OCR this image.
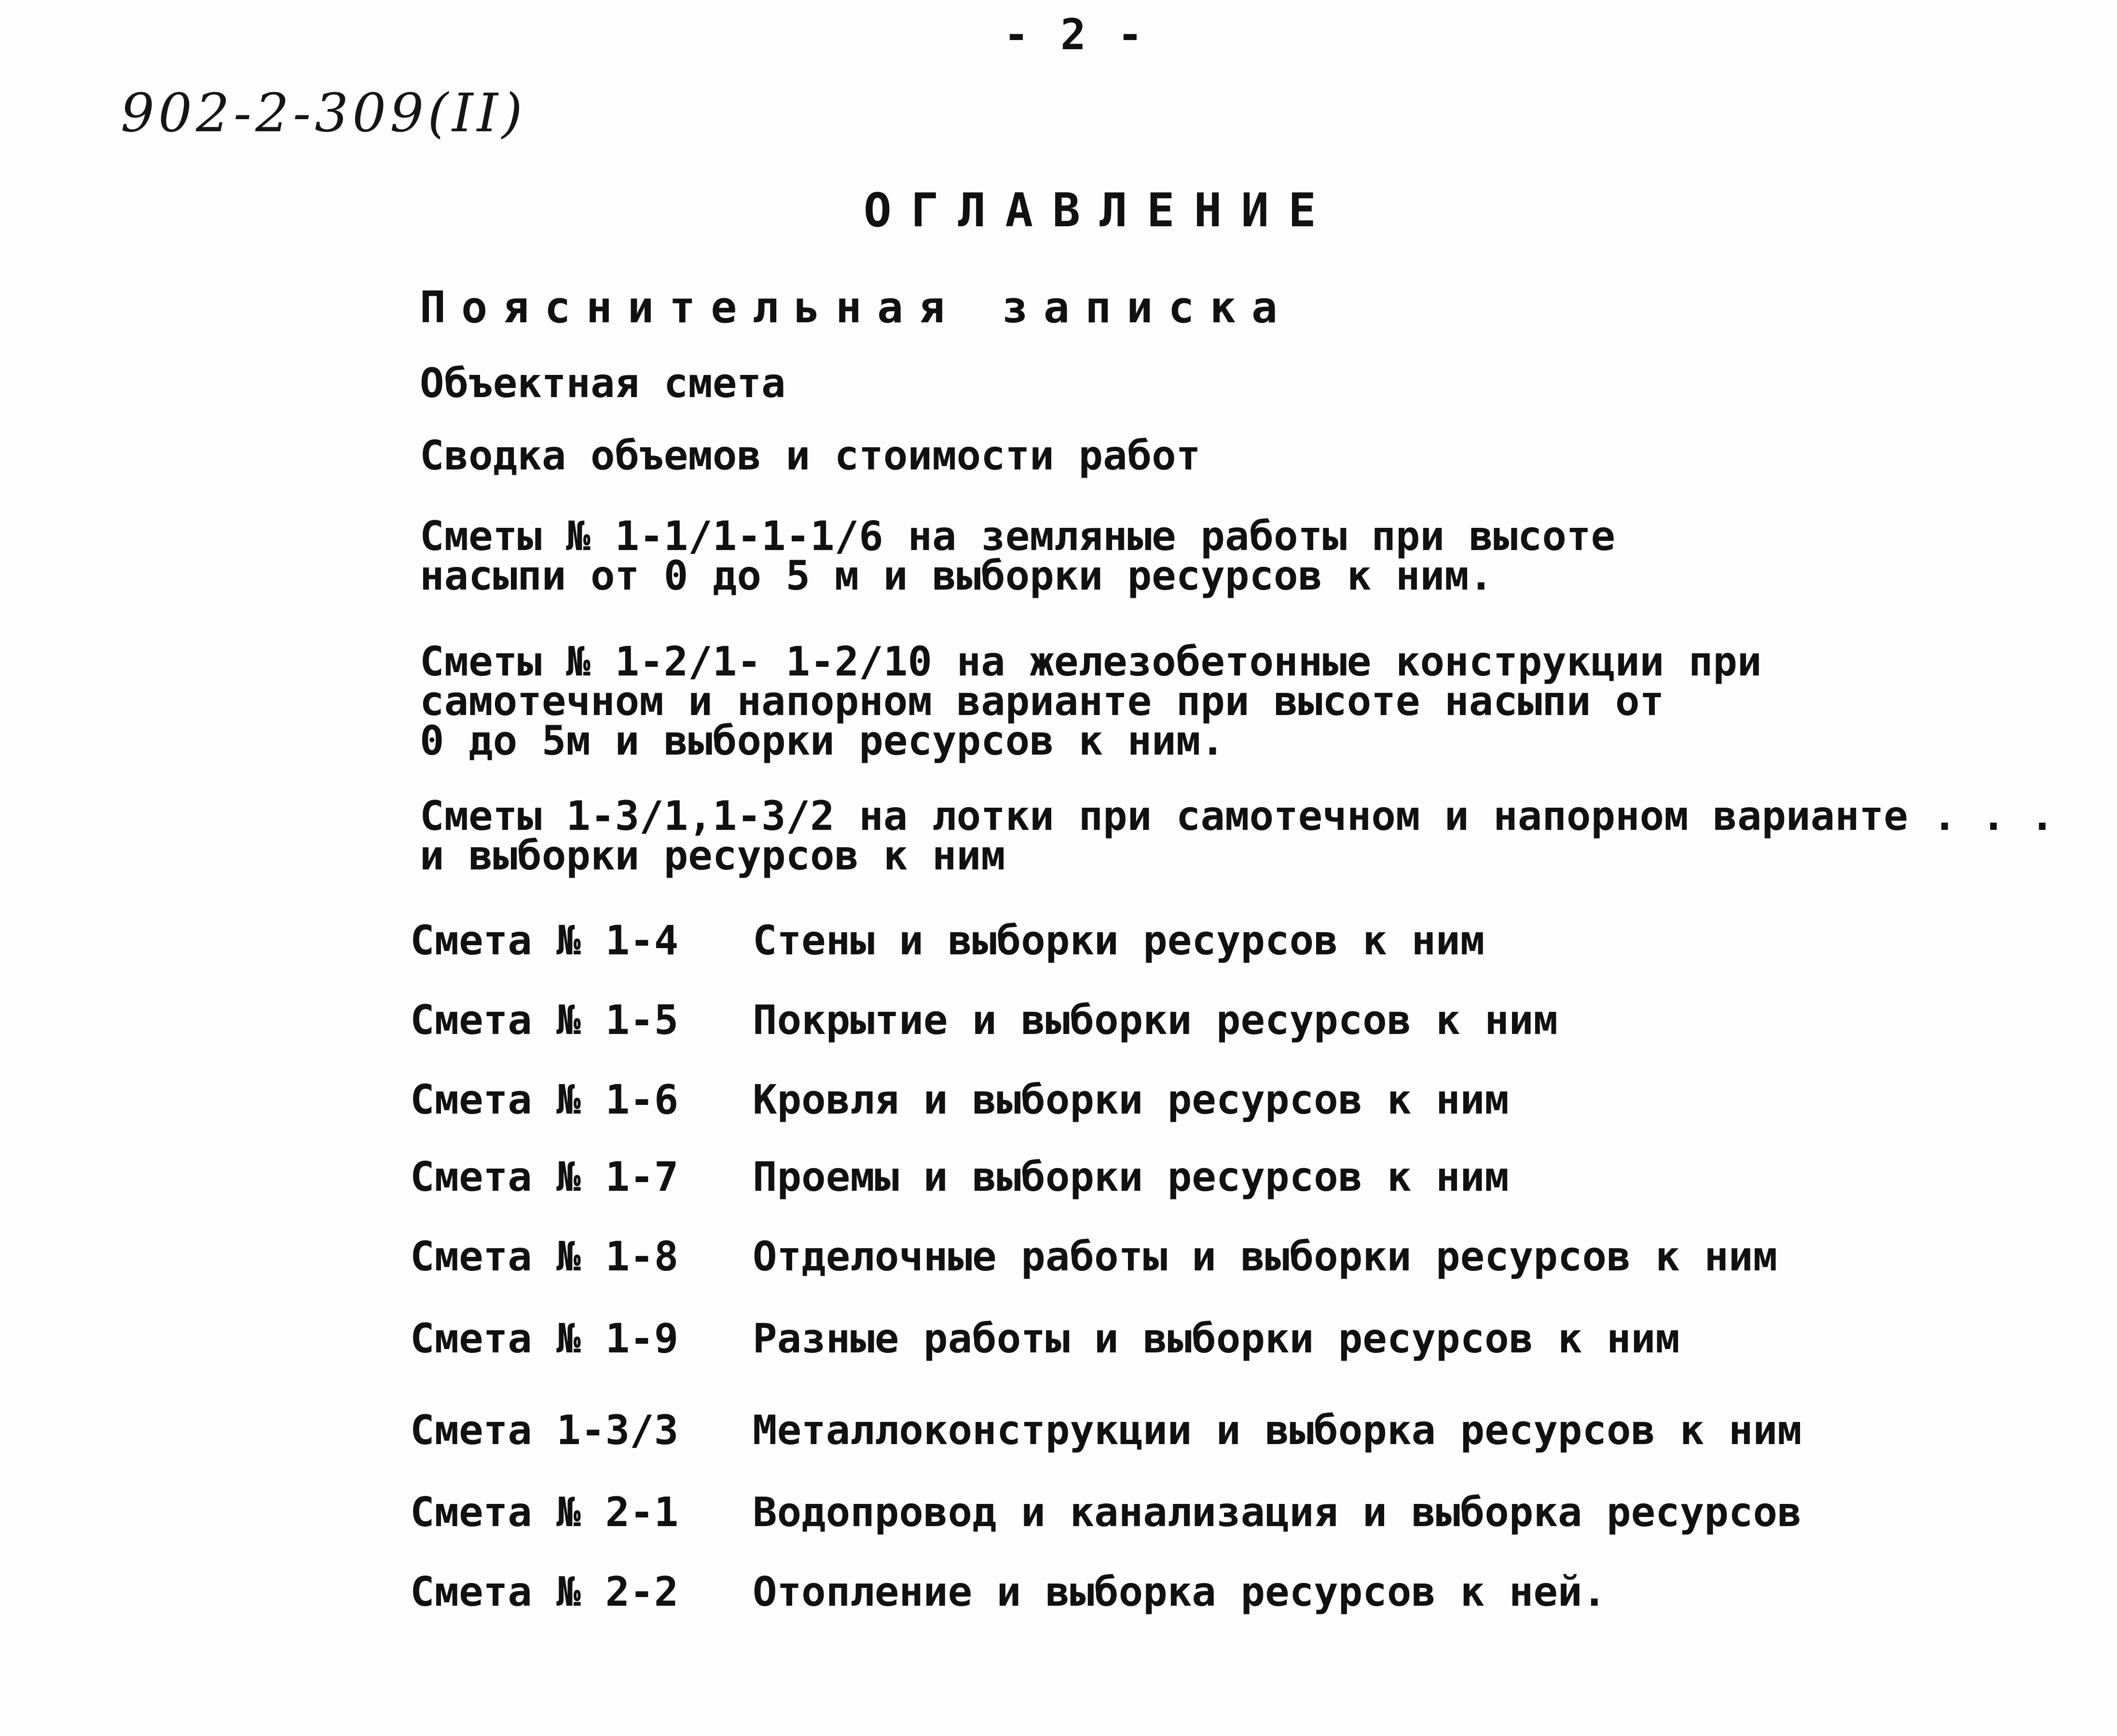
- 2 -
902-2-309(II)
ОГЛАВЛЕНИЕ
Пояснительная записка
Объектная смета
Сводка объемов и стоимости работ
Сметы № 1-1/1-1-1/6 на земляные работы при высоте
насыпи от 0 до 5 м и выборки ресурсов к ним.
Сметы № 1-2/1- 1-2/10 на железобетонные конструкции при
самотечном и напорном варианте при высоте насыпи от
0 до 5м и выборки ресурсов к ним.
Сметы 1-3/1,1-3/2 на лотки при самотечном и напорном варианте . . .
и выборки ресурсов к ним
Смета № 1-4 Стены и выборки ресурсов к ним
Смета № 1-5 Покрытие и выборки ресурсов к ним
Смета № 1-6 Кровля и выборки ресурсов к ним
Смета № 1-7 Проемы и выборки ресурсов к ним
Смета № 1-8 Отделочные работы и выборки ресурсов к ним
Смета № 1-9 Разные работы и выборки ресурсов к ним
Смета 1-3/3 Металлоконструкции и выборка ресурсов к ним
Смета № 2-1 Водопровод и канализация и выборка ресурсов
Смета № 2-2 Отопление и выборка ресурсов к ней.
